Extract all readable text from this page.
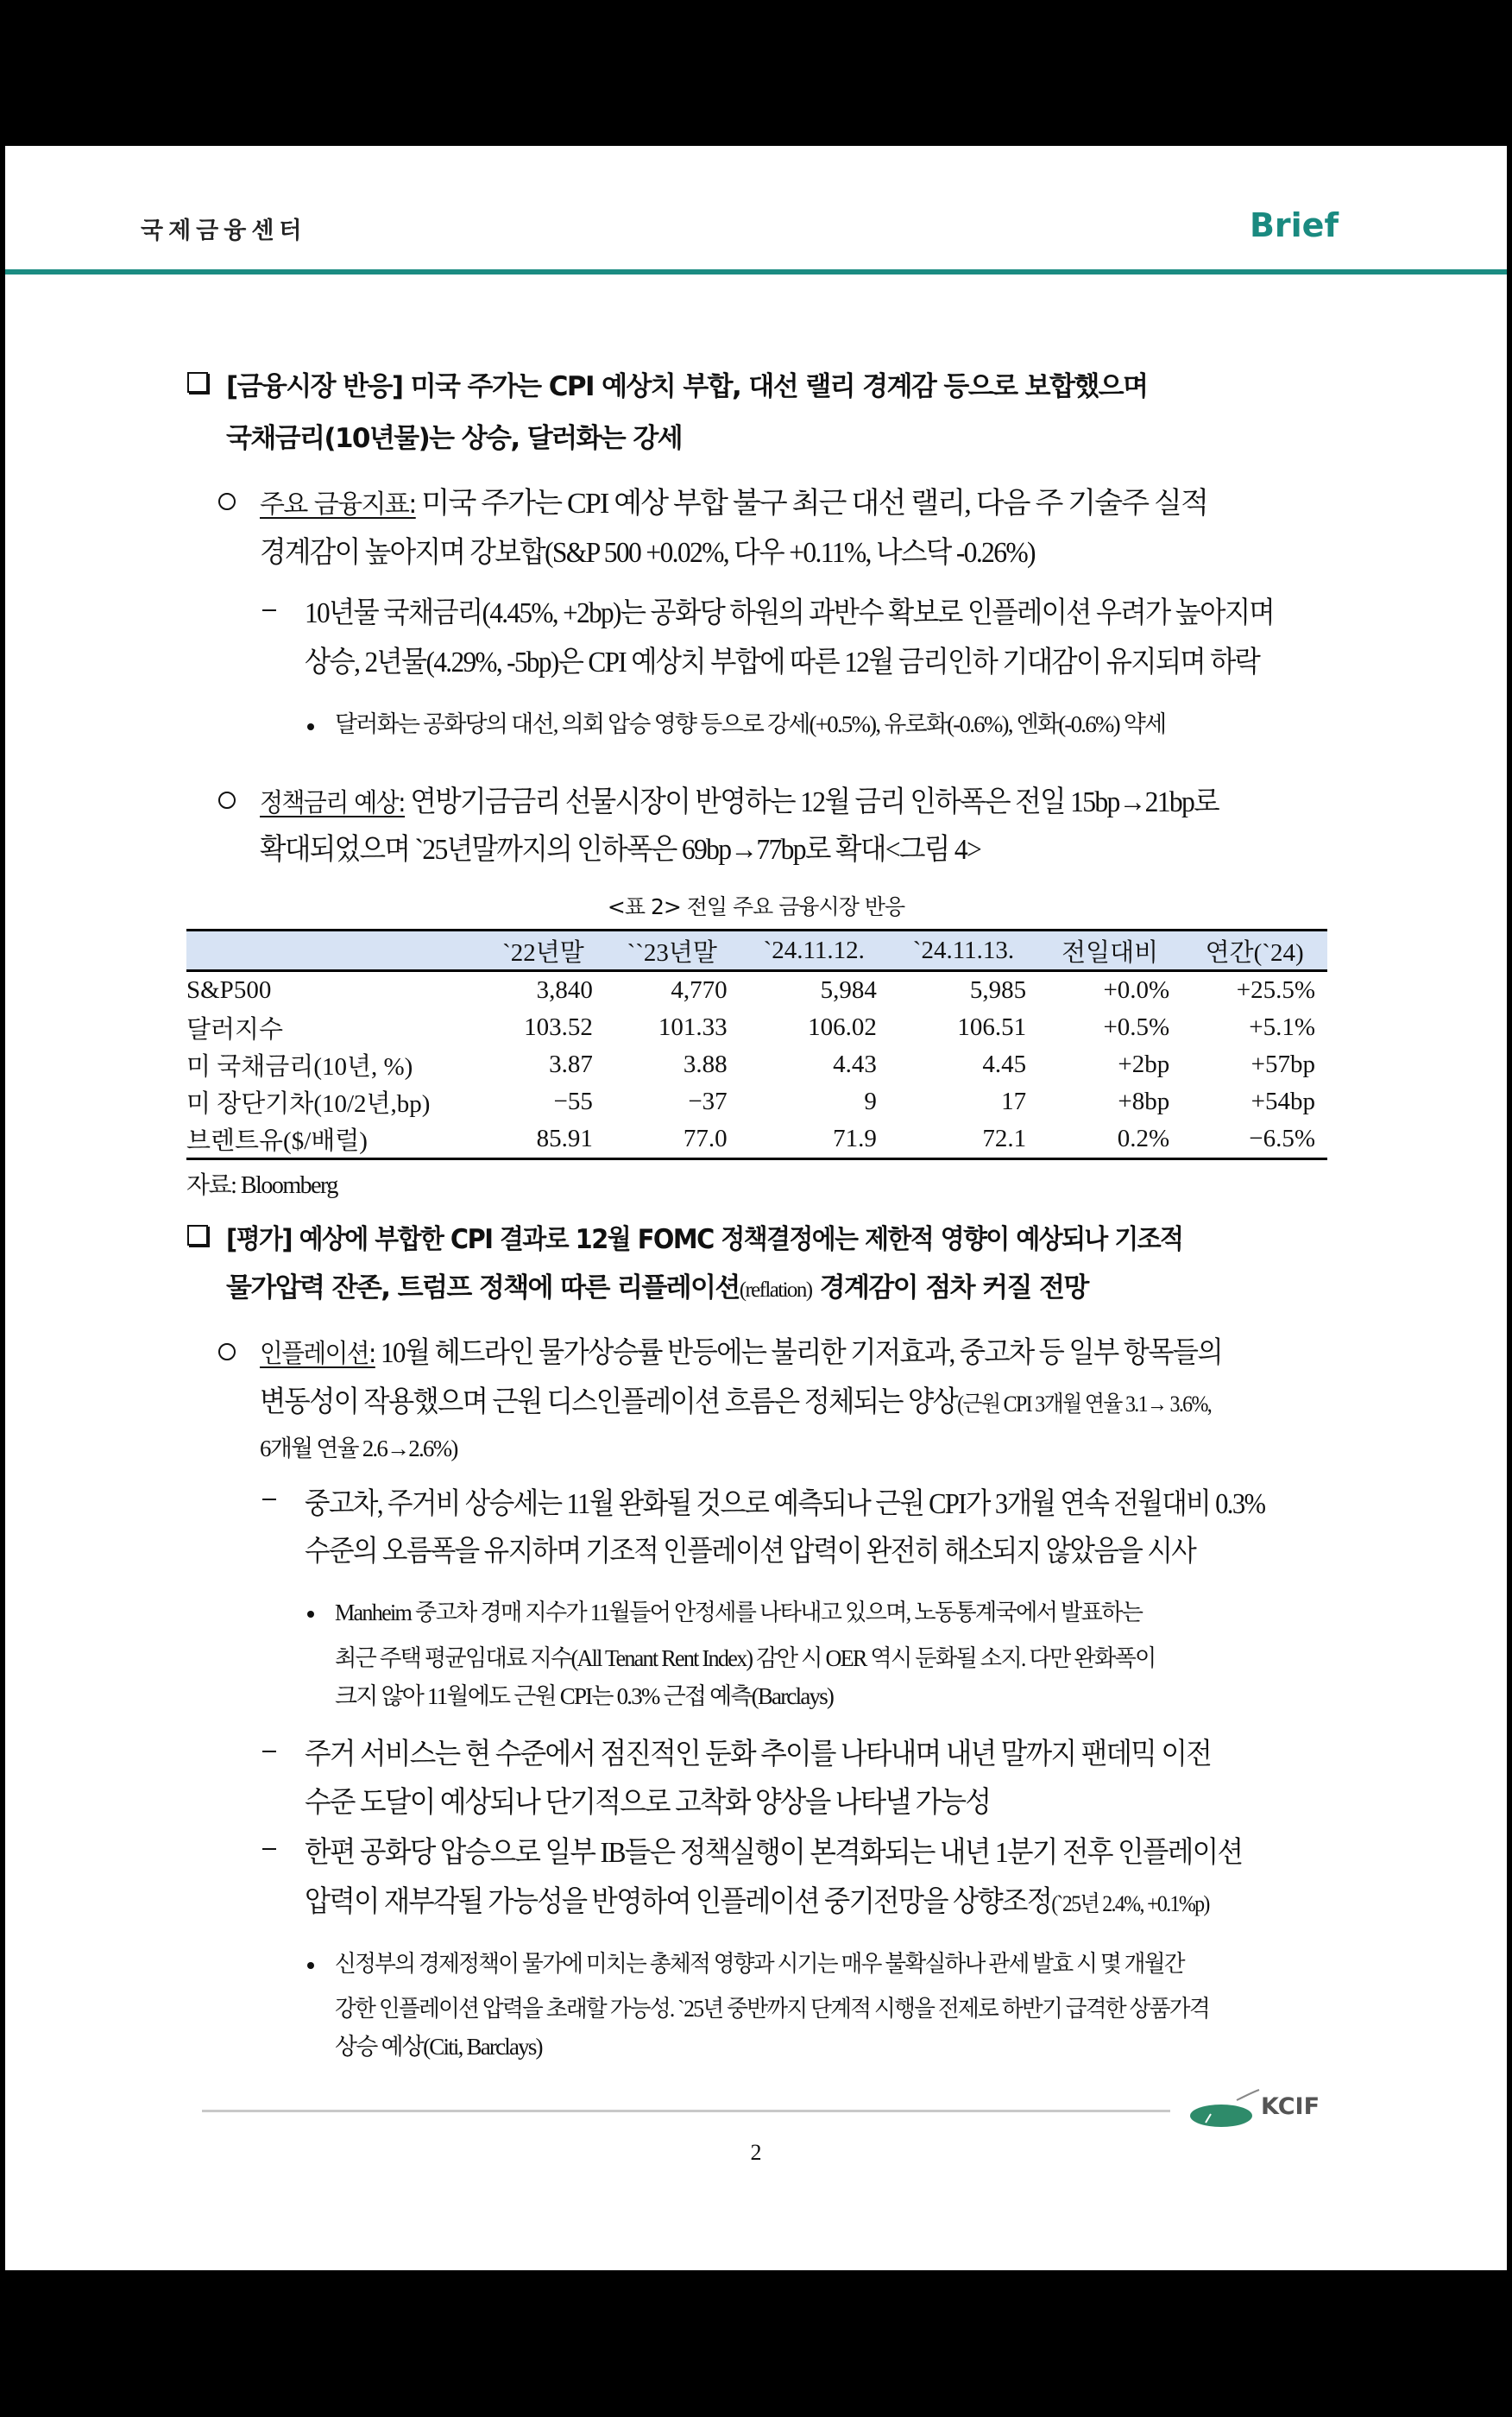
국제금융센터	Brief
[금융시장 반응] 미국 주가는 CPI 예상치 부합, 대선 랠리 경계감 등으로 보합했으며
국채금리(10년물)는 상승, 달러화는 강세
주요 금융지표: 미국 주가는 CPI 예상 부합 불구 최근 대선 랠리, 다음 주 기술주 실적
경계감이 높아지며 강보합(S&P 500 +0.02%, 다우 +0.11%, 나스닥 -0.26%)
10년물 국채금리(4.45%, +2bp)는 공화당 하원의 과반수 확보로 인플레이션 우려가 높아지며
상승, 2년물(4.29%, -5bp)은 CPI 예상치 부합에 따른 12월 금리인하 기대감이 유지되며 하락
달러화는 공화당의 대선, 의회 압승 영향 등으로 강세(+0.5%), 유로화(-0.6%), 엔화(-0.6%) 약세
정책금리 예상: 연방기금금리 선물시장이 반영하는 12월 금리 인하폭은 전일 15bp→21bp로
확대되었으며 `25년말까지의 인하폭은 69bp→77bp로 확대<그림 4>
<표 2> 전일 주요 금융시장 반응
	`22년말	``23년말	`24.11.12.	`24.11.13.	전일대비	연간(`24)
S&P500	3,840	4,770	5,984	5,985	+0.0%	+25.5%
달러지수	103.52	101.33	106.02	106.51	+0.5%	+5.1%
미 국채금리(10년, %)	3.87	3.88	4.43	4.45	+2bp	+57bp
미 장단기차(10/2년,bp)	−55	−37	9	17	+8bp	+54bp
브렌트유($/배럴)	85.91	77.0	71.9	72.1	0.2%	−6.5%
자료: Bloomberg
[평가] 예상에 부합한 CPI 결과로 12월 FOMC 정책결정에는 제한적 영향이 예상되나 기조적
물가압력 잔존, 트럼프 정책에 따른 리플레이션(reflation) 경계감이 점차 커질 전망
인플레이션: 10월 헤드라인 물가상승률 반등에는 불리한 기저효과, 중고차 등 일부 항목들의
변동성이 작용했으며 근원 디스인플레이션 흐름은 정체되는 양상(근원 CPI 3개월 연율 3.1→ 3.6%,
6개월 연율 2.6→2.6%)
중고차, 주거비 상승세는 11월 완화될 것으로 예측되나 근원 CPI가 3개월 연속 전월대비 0.3%
수준의 오름폭을 유지하며 기조적 인플레이션 압력이 완전히 해소되지 않았음을 시사
Manheim 중고차 경매 지수가 11월들어 안정세를 나타내고 있으며, 노동통계국에서 발표하는
최근 주택 평균임대료 지수(All Tenant Rent Index) 감안 시 OER 역시 둔화될 소지. 다만 완화폭이
크지 않아 11월에도 근원 CPI는 0.3% 근접 예측(Barclays)
주거 서비스는 현 수준에서 점진적인 둔화 추이를 나타내며 내년 말까지 팬데믹 이전
수준 도달이 예상되나 단기적으로 고착화 양상을 나타낼 가능성
한편 공화당 압승으로 일부 IB들은 정책실행이 본격화되는 내년 1분기 전후 인플레이션
압력이 재부각될 가능성을 반영하여 인플레이션 중기전망을 상향조정(`25년 2.4%, +0.1%p)
신정부의 경제정책이 물가에 미치는 총체적 영향과 시기는 매우 불확실하나 관세 발효 시 몇 개월간
강한 인플레이션 압력을 초래할 가능성. `25년 중반까지 단계적 시행을 전제로 하반기 급격한 상품가격
상승 예상(Citi, Barclays)
KCIF
2
